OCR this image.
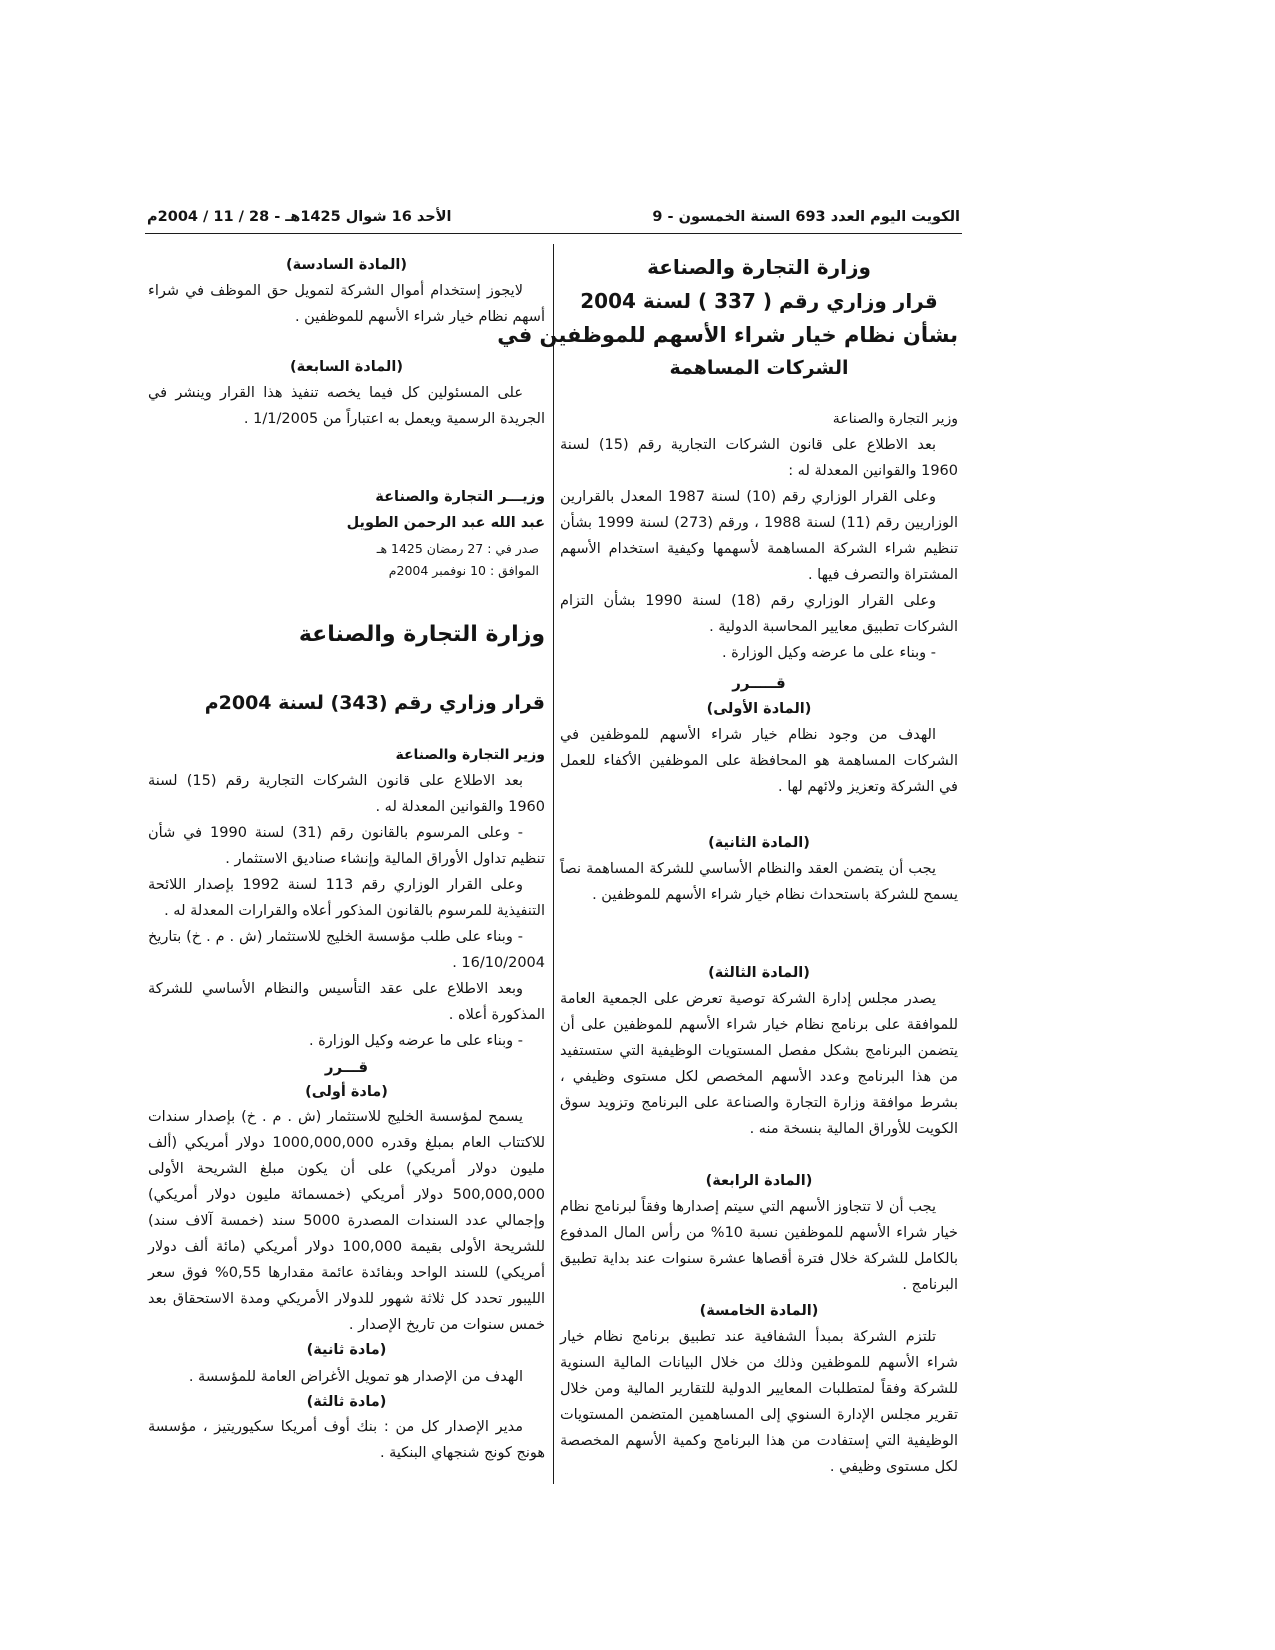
الكويت اليوم العدد 693 السنة الخمسون - 9
الأحد 16 شوال 1425هـ - 28 / 11 / 2004م
وزارة التجارة والصناعة
قرار وزاري رقم ( 337 ) لسنة 2004
بشأن نظام خيار شراء الأسهم للموظفين في
الشركات المساهمة

وزير التجارة والصناعة

بعد الاطلاع على قانون الشركات التجارية رقم (15) لسنة 1960 والقوانين المعدلة له :

وعلى القرار الوزاري رقم (10) لسنة 1987 المعدل بالقرارين الوزاريين رقم (11) لسنة 1988 ، ورقم (273) لسنة 1999 بشأن تنظيم شراء الشركة المساهمة لأسهمها وكيفية استخدام الأسهم المشتراة والتصرف فيها .

وعلى القرار الوزاري رقم (18) لسنة 1990 بشأن التزام الشركات تطبيق معايير المحاسبة الدولية .

- وبناء على ما عرضه وكيل الوزارة .

قـــــرر

(المادة الأولى)

الهدف من وجود نظام خيار شراء الأسهم للموظفين في الشركات المساهمة هو المحافظة على الموظفين الأكفاء للعمل في الشركة وتعزيز ولائهم لها .

(المادة الثانية)

يجب أن يتضمن العقد والنظام الأساسي للشركة المساهمة نصاً يسمح للشركة باستحداث نظام خيار شراء الأسهم للموظفين .

(المادة الثالثة)

يصدر مجلس إدارة الشركة توصية تعرض على الجمعية العامة للموافقة على برنامج نظام خيار شراء الأسهم للموظفين على أن يتضمن البرنامج بشكل مفصل المستويات الوظيفية التي ستستفيد من هذا البرنامج وعدد الأسهم المخصص لكل مستوى وظيفي ، بشرط موافقة وزارة التجارة والصناعة على البرنامج وتزويد سوق الكويت للأوراق المالية بنسخة منه .

(المادة الرابعة)

يجب أن لا تتجاوز الأسهم التي سيتم إصدارها وفقاً لبرنامج نظام خيار شراء الأسهم للموظفين نسبة 10% من رأس المال المدفوع بالكامل للشركة خلال فترة أقصاها عشرة سنوات عند بداية تطبيق البرنامج .

(المادة الخامسة)

تلتزم الشركة بمبدأ الشفافية عند تطبيق برنامج نظام خيار شراء الأسهم للموظفين وذلك من خلال البيانات المالية السنوية للشركة وفقاً لمتطلبات المعايير الدولية للتقارير المالية ومن خلال تقرير مجلس الإدارة السنوي إلى المساهمين المتضمن المستويات الوظيفية التي إستفادت من هذا البرنامج وكمية الأسهم المخصصة لكل مستوى وظيفي .

(المادة السادسة)

لايجوز إستخدام أموال الشركة لتمويل حق الموظف في شراء أسهم نظام خيار شراء الأسهم للموظفين .

(المادة السابعة)

على المسئولين كل فيما يخصه تنفيذ هذا القرار وينشر في الجريدة الرسمية ويعمل به اعتباراً من 1/1/2005 .

وزيـــر التجارة والصناعة

عبد الله عبد الرحمن الطويل

صدر في : 27 رمضان 1425 هـ

الموافق : 10 نوفمبر 2004م

وزارة التجارة والصناعة
قرار وزاري رقم (343) لسنة 2004م

وزير التجارة والصناعة

بعد الاطلاع على قانون الشركات التجارية رقم (15) لسنة 1960 والقوانين المعدلة له .

- وعلى المرسوم بالقانون رقم (31) لسنة 1990 في شأن تنظيم تداول الأوراق المالية وإنشاء صناديق الاستثمار .

وعلى القرار الوزاري رقم 113 لسنة 1992 بإصدار اللائحة التنفيذية للمرسوم بالقانون المذكور أعلاه والقرارات المعدلة له .

- وبناء على طلب مؤسسة الخليج للاستثمار (ش . م . خ) بتاريخ 16/10/2004 .

وبعد الاطلاع على عقد التأسيس والنظام الأساسي للشركة المذكورة أعلاه .

- وبناء على ما عرضه وكيل الوزارة .

قـــرر

(مادة أولى)

يسمح لمؤسسة الخليج للاستثمار (ش . م . خ) بإصدار سندات للاكتتاب العام بمبلغ وقدره 1000,000,000 دولار أمريكي (ألف مليون دولار أمريكي) على أن يكون مبلغ الشريحة الأولى 500,000,000 دولار أمريكي (خمسمائة مليون دولار أمريكي) وإجمالي عدد السندات المصدرة 5000 سند (خمسة آلاف سند) للشريحة الأولى بقيمة 100,000 دولار أمريكي (مائة ألف دولار أمريكي) للسند الواحد وبفائدة عائمة مقدارها 0,55% فوق سعر الليبور تحدد كل ثلاثة شهور للدولار الأمريكي ومدة الاستحقاق بعد خمس سنوات من تاريخ الإصدار .

(مادة ثانية)

الهدف من الإصدار هو تمويل الأغراض العامة للمؤسسة .

(مادة ثالثة)

مدير الإصدار كل من : بنك أوف أمريكا سكيوريتيز ، مؤسسة هونج كونج شنجهاي البنكية .
